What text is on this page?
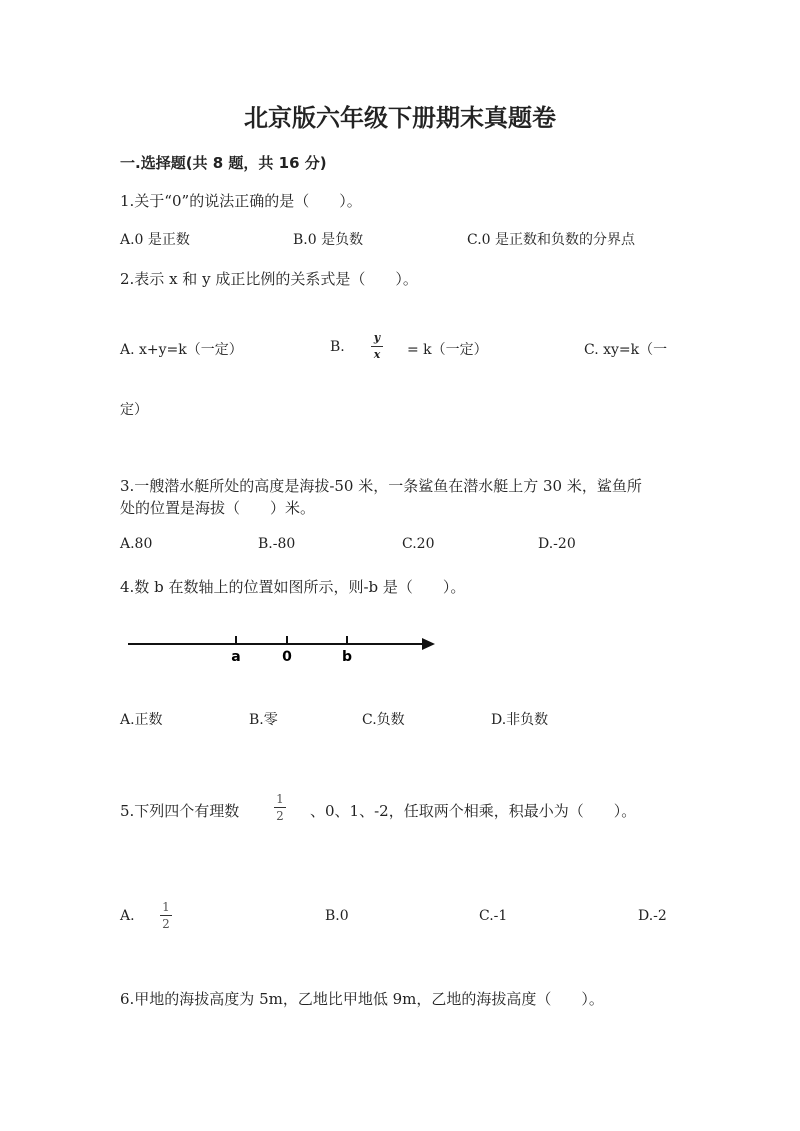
北京版六年级下册期末真题卷
一.选择题(共 8 题，共 16 分)
1.关于“0”的说法正确的是（　　）。
A.0 是正数	B.0 是负数	C.0 是正数和负数的分界点
2.表示 x 和 y 成正比例的关系式是（　　）。
A. x+y=k（一定）	B.
y
x = k（一定）	C. xy=k（一
定）
3.一艘潜水艇所处的高度是海拔-50 米，一条鲨鱼在潜水艇上方 30 米，鲨鱼所
处的位置是海拔（　　）米。
A.80	B.-80	C.20	D.-20
4.数 b 在数轴上的位置如图所示，则-b 是（　　）。
a	0	b
A.正数	B.零	C.负数	D.非负数
5.下列四个有理数
1
2 、0、1、-2，任取两个相乘，积最小为（　　）。
A.
1
2	B.0	C.-1	D.-2
6.甲地的海拔高度为 5m，乙地比甲地低 9m，乙地的海拔高度（　　）。
